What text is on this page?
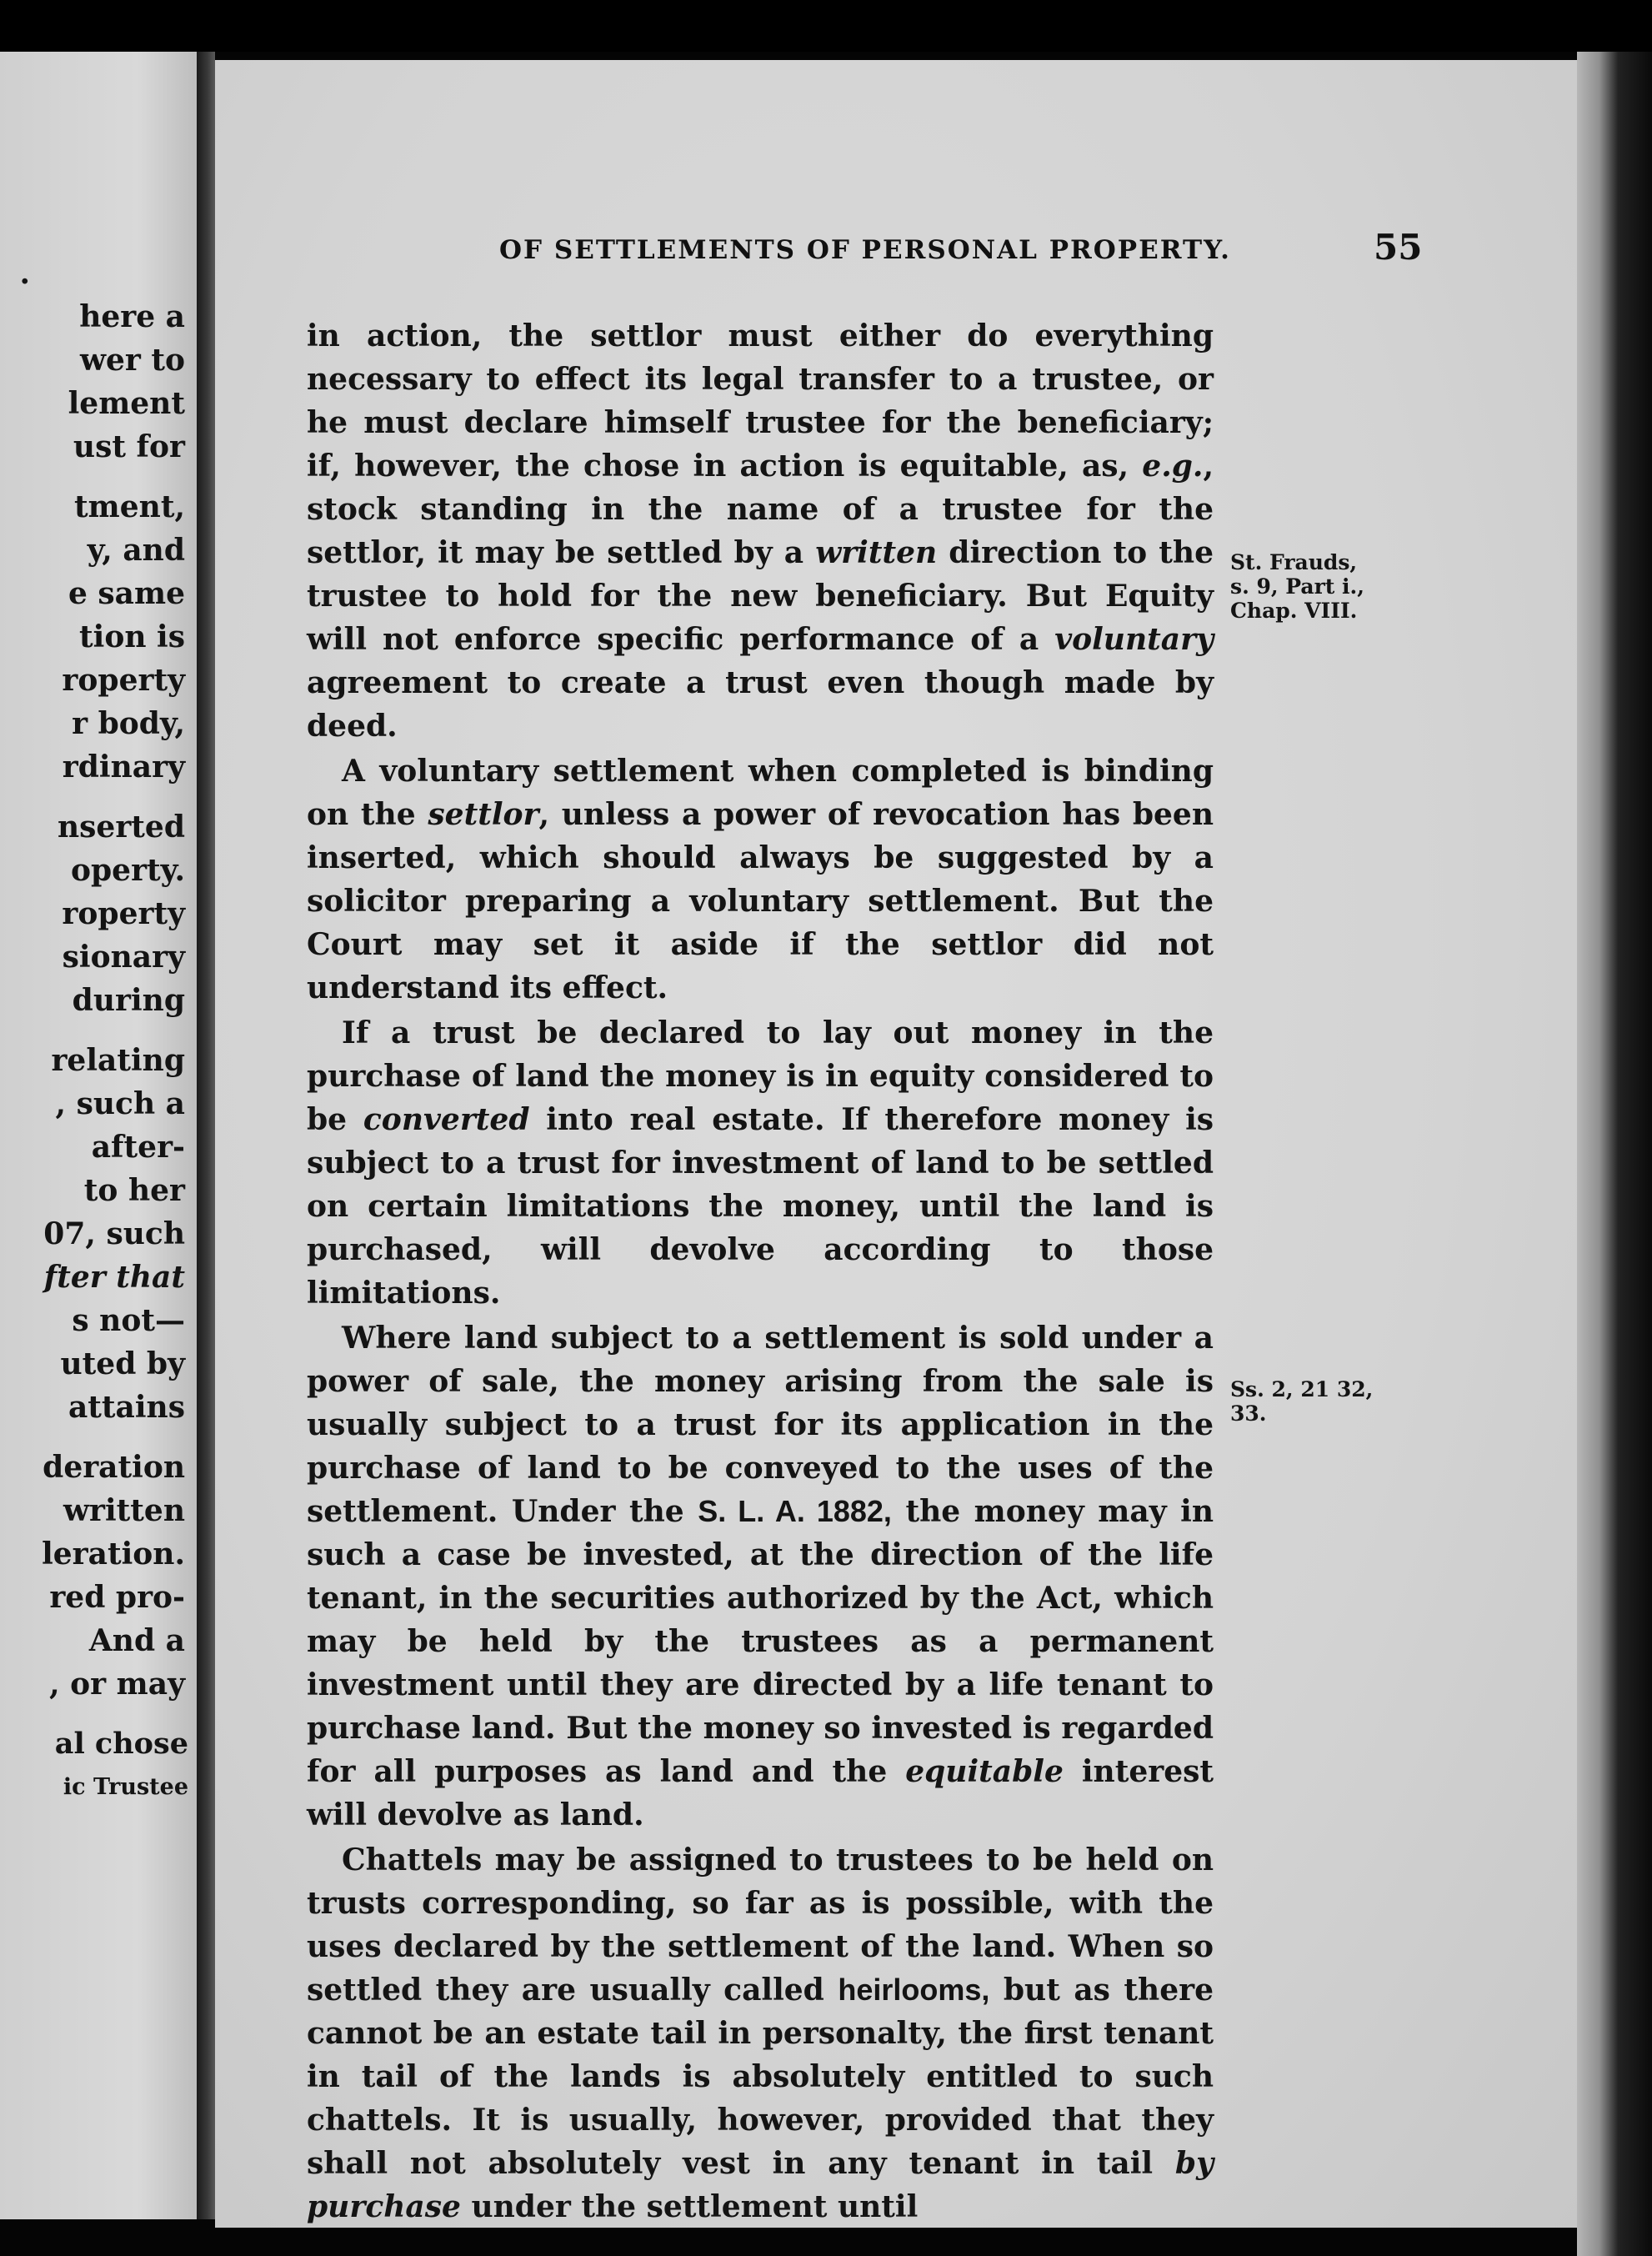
.
here a
wer to
lement
ust for
tment,
y, and
e same
tion is
roperty
r body,
rdinary
nserted
operty.
roperty
sionary
during
relating
, such a
after-
to her
07, such
fter that
s not—
uted by
attains
deration
written
leration.
red pro-
And a
, or may
al chose
ic Trustee
OF SETTLEMENTS OF PERSONAL PROPERTY.	55

in action, the settlor must either do everything necessary to effect its legal transfer to a trustee, or he must declare himself trustee for the beneficiary; if, however, the chose in action is equitable, as, e.g., stock standing in the name of a trustee for the settlor, it may be settled by a written direction to the trustee to hold for the new beneficiary. But Equity will not enforce specific performance of a voluntary agreement to create a trust even though made by deed.

A voluntary settlement when completed is binding on the settlor, unless a power of revocation has been inserted, which should always be suggested by a solicitor preparing a voluntary settlement. But the Court may set it aside if the settlor did not understand its effect.

If a trust be declared to lay out money in the purchase of land the money is in equity considered to be converted into real estate. If therefore money is subject to a trust for investment of land to be settled on certain limitations the money, until the land is purchased, will devolve according to those limitations.

Where land subject to a settlement is sold under a power of sale, the money arising from the sale is usually subject to a trust for its application in the purchase of land to be conveyed to the uses of the settlement. Under the S. L. A. 1882, the money may in such a case be invested, at the direction of the life tenant, in the securities authorized by the Act, which may be held by the trustees as a permanent investment until they are directed by a life tenant to purchase land. But the money so invested is regarded for all purposes as land and the equitable interest will devolve as land.

Chattels may be assigned to trustees to be held on trusts corresponding, so far as is possible, with the uses declared by the settlement of the land. When so settled they are usually called heirlooms, but as there cannot be an estate tail in personalty, the first tenant in tail of the lands is absolutely entitled to such chattels. It is usually, however, provided that they shall not absolutely vest in any tenant in tail by purchase under the settlement until

St. Frauds,
s. 9, Part i.,
Chap. VIII.
Ss. 2, 21 32,
33.
